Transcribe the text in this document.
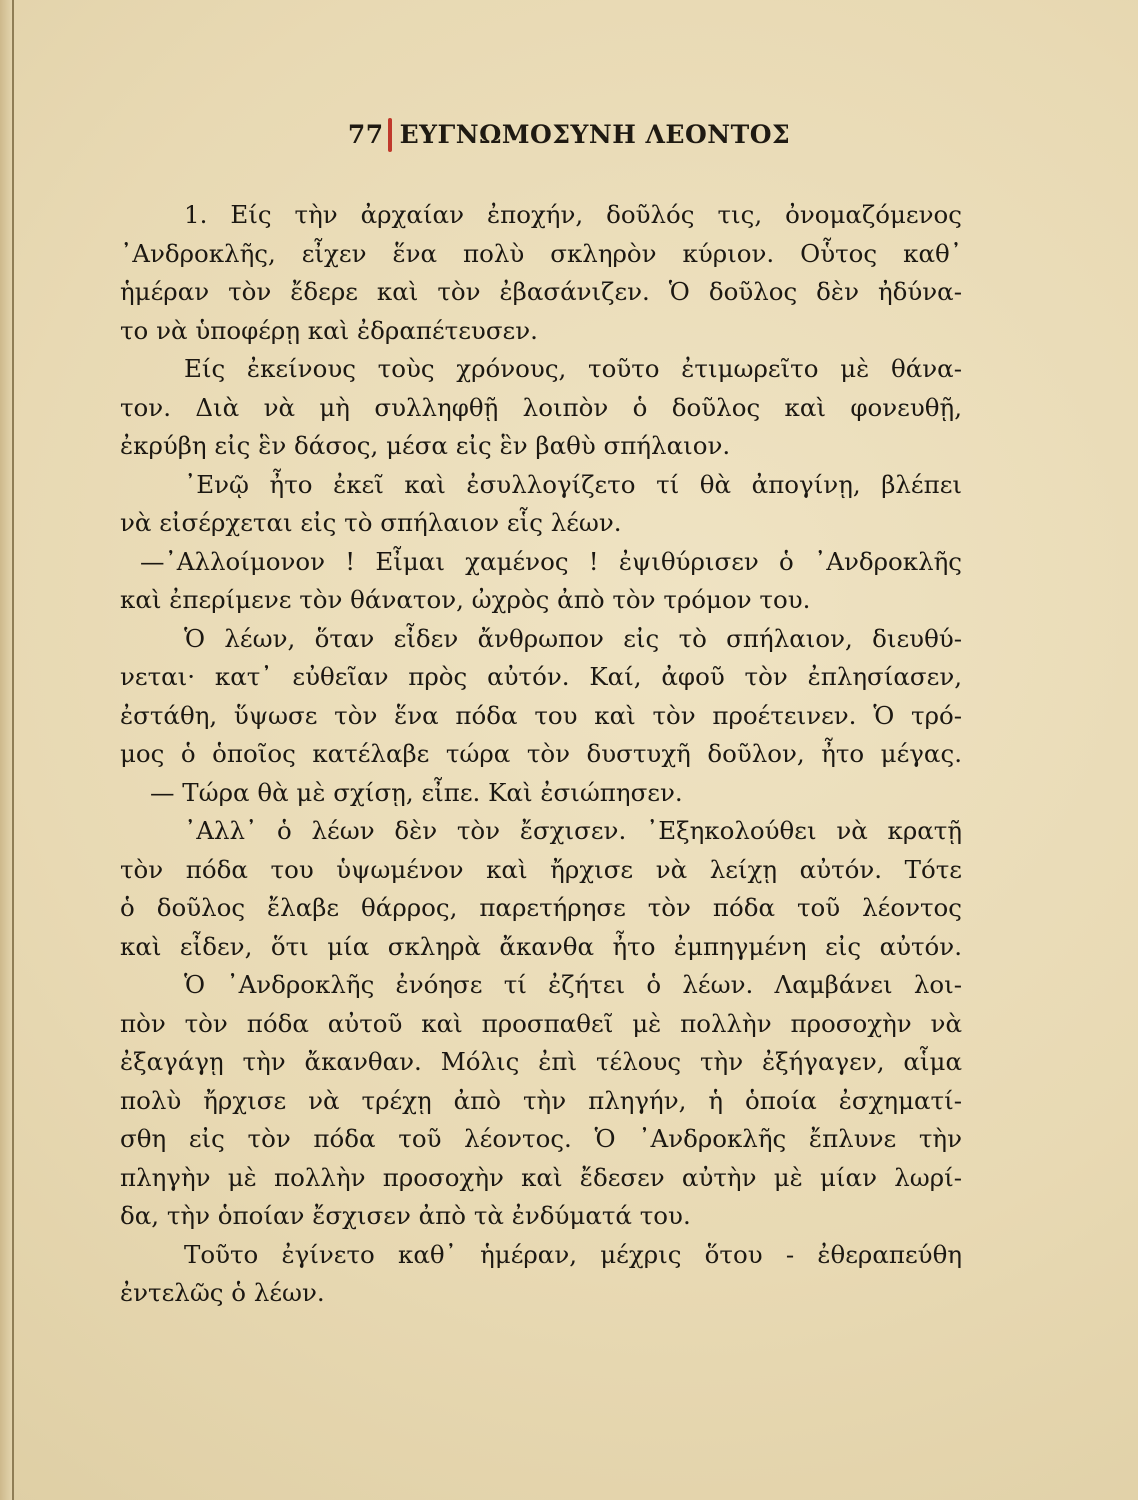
77 ΕΥΓΝΩΜΟΣΥΝΗ ΛΕΟΝΤΟΣ
1. Είς τὴν ἀρχαίαν ἐποχήν, δοῦλός τις, ὀνομαζόμενος
᾿Ανδροκλῆς, εἶχεν ἕνα πολὺ σκληρὸν κύριον. Οὗτος καθ᾽
ἡμέραν τὸν ἔδερε καὶ τὸν ἐβασάνιζεν. Ὁ δοῦλος δὲν ἠδύνα-
το νὰ ὑποφέρῃ καὶ ἐδραπέτευσεν.
Είς ἐκείνους τοὺς χρόνους, τοῦτο ἐτιμωρεῖτο μὲ θάνα-
τον. Διὰ νὰ μὴ συλληφθῇ λοιπὸν ὁ δοῦλος καὶ φονευθῇ,
ἐκρύβη εἰς ἓν δάσος, μέσα εἰς ἓν βαθὺ σπήλαιον.
᾿Ενῷ ἦτο ἐκεῖ καὶ ἐσυλλογίζετο τί θὰ ἀπογίνῃ, βλέπει
νὰ εἰσέρχεται εἰς τὸ σπήλαιον εἷς λέων.
—᾿Αλλοίμονον ! Εἶμαι χαμένος ! ἐψιθύρισεν ὁ ᾿Ανδροκλῆς
καὶ ἐπερίμενε τὸν θάνατον, ὠχρὸς ἀπὸ τὸν τρόμον του.
Ὁ λέων, ὅταν εἶδεν ἄνθρωπον εἰς τὸ σπήλαιον, διευθύ-
νεται· κατ᾽ εὐθεῖαν πρὸς αὐτόν. Καί, ἀφοῦ τὸν ἐπλησίασεν,
ἐστάθη, ὕψωσε τὸν ἕνα πόδα του καὶ τὸν προέτεινεν. Ὁ τρό-
μος ὁ ὁποῖος κατέλαβε τώρα τὸν δυστυχῆ δοῦλον, ἦτο μέγας.
— Τώρα θὰ μὲ σχίσῃ, εἶπε. Καὶ ἐσιώπησεν.
᾿Αλλ᾽ ὁ λέων δὲν τὸν ἔσχισεν. ᾿Εξηκολούθει νὰ κρατῇ
τὸν πόδα του ὑψωμένον καὶ ἤρχισε νὰ λείχῃ αὐτόν. Τότε
ὁ δοῦλος ἔλαβε θάρρος, παρετήρησε τὸν πόδα τοῦ λέοντος
καὶ εἶδεν, ὅτι μία σκληρὰ ἄκανθα ἦτο ἐμπηγμένη εἰς αὐτόν.
Ὁ ᾿Ανδροκλῆς ἐνόησε τί ἐζήτει ὁ λέων. Λαμβάνει λοι-
πὸν τὸν πόδα αὐτοῦ καὶ προσπαθεῖ μὲ πολλὴν προσοχὴν νὰ
ἐξαγάγῃ τὴν ἄκανθαν. Μόλις ἐπὶ τέλους τὴν ἐξήγαγεν, αἷμα
πολὺ ἤρχισε νὰ τρέχῃ ἀπὸ τὴν πληγήν, ἡ ὁποία ἐσχηματί-
σθη εἰς τὸν πόδα τοῦ λέοντος. Ὁ ᾿Ανδροκλῆς ἔπλυνε τὴν
πληγὴν μὲ πολλὴν προσοχὴν καὶ ἔδεσεν αὐτὴν μὲ μίαν λωρί-
δα, τὴν ὁποίαν ἔσχισεν ἀπὸ τὰ ἐνδύματά του.
Τοῦτο ἐγίνετο καθ᾽ ἡμέραν, μέχρις ὅτου - ἐθεραπεύθη
ἐντελῶς ὁ λέων.
